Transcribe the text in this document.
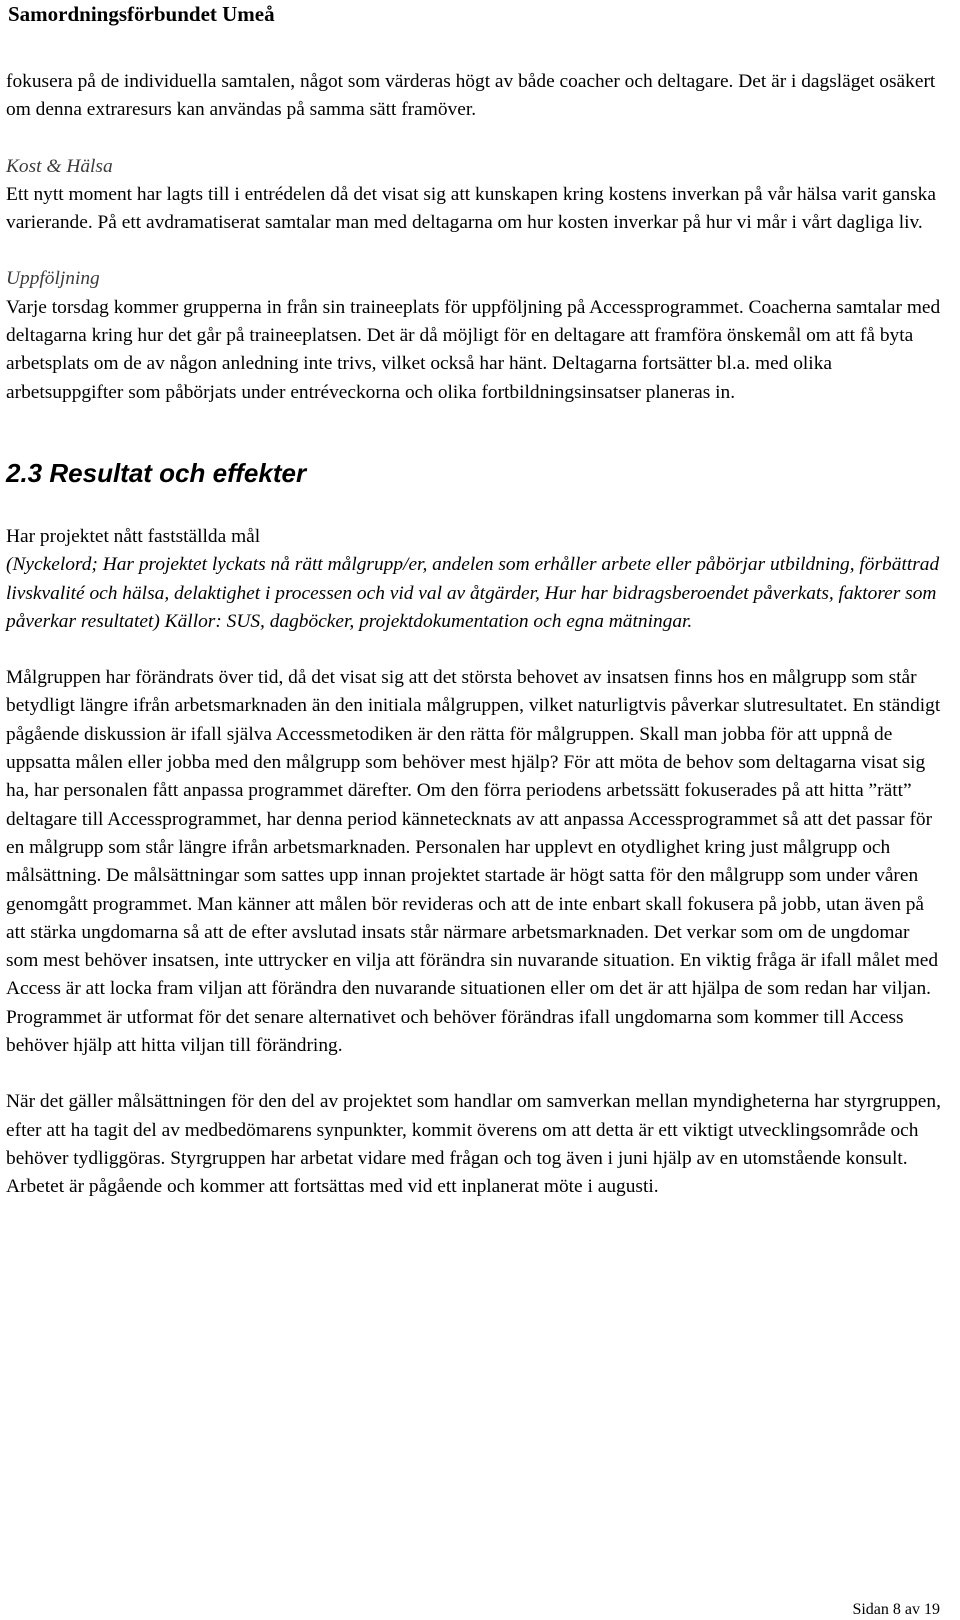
Samordningsförbundet Umeå

fokusera på de individuella samtalen, något som värderas högt av både coacher och deltagare. Det är i dagsläget osäkert om denna extraresurs kan användas på samma sätt framöver.

Kost & Hälsa
Ett nytt moment har lagts till i entrédelen då det visat sig att kunskapen kring kostens inverkan på vår hälsa varit ganska varierande. På ett avdramatiserat samtalar man med deltagarna om hur kosten inverkar på hur vi mår i vårt dagliga liv.

Uppföljning
Varje torsdag kommer grupperna in från sin traineeplats för uppföljning på Accessprogrammet. Coacherna samtalar med deltagarna kring hur det går på traineeplatsen. Det är då möjligt för en deltagare att framföra önskemål om att få byta arbetsplats om de av någon anledning inte trivs, vilket också har hänt. Deltagarna fortsätter bl.a. med olika arbetsuppgifter som påbörjats under entréveckorna och olika fortbildningsinsatser planeras in.

2.3 Resultat och effekter

Har projektet nått fastställda mål

(Nyckelord; Har projektet lyckats nå rätt målgrupp/er, andelen som erhåller arbete eller påbörjar utbildning, förbättrad livskvalité och hälsa, delaktighet i processen och vid val av åtgärder, Hur har bidragsberoendet påverkats, faktorer som påverkar resultatet) Källor: SUS, dagböcker, projektdokumentation och egna mätningar.

Målgruppen har förändrats över tid, då det visat sig att det största behovet av insatsen finns hos en målgrupp som står betydligt längre ifrån arbetsmarknaden än den initiala målgruppen, vilket naturligtvis påverkar slutresultatet. En ständigt pågående diskussion är ifall själva Accessmetodiken är den rätta för målgruppen. Skall man jobba för att uppnå de uppsatta målen eller jobba med den målgrupp som behöver mest hjälp? För att möta de behov som deltagarna visat sig ha, har personalen fått anpassa programmet därefter. Om den förra periodens arbetssätt fokuserades på att hitta ”rätt” deltagare till Accessprogrammet, har denna period kännetecknats av att anpassa Accessprogrammet så att det passar för en målgrupp som står längre ifrån arbetsmarknaden. Personalen har upplevt en otydlighet kring just målgrupp och målsättning. De målsättningar som sattes upp innan projektet startade är högt satta för den målgrupp som under våren genomgått programmet. Man känner att målen bör revideras och att de inte enbart skall fokusera på jobb, utan även på att stärka ungdomarna så att de efter avslutad insats står närmare arbetsmarknaden. Det verkar som om de ungdomar som mest behöver insatsen, inte uttrycker en vilja att förändra sin nuvarande situation. En viktig fråga är ifall målet med Access är att locka fram viljan att förändra den nuvarande situationen eller om det är att hjälpa de som redan har viljan. Programmet är utformat för det senare alternativet och behöver förändras ifall ungdomarna som kommer till Access behöver hjälp att hitta viljan till förändring.

När det gäller målsättningen för den del av projektet som handlar om samverkan mellan myndigheterna har styrgruppen, efter att ha tagit del av medbedömarens synpunkter, kommit överens om att detta är ett viktigt utvecklingsområde och behöver tydliggöras. Styrgruppen har arbetat vidare med frågan och tog även i juni hjälp av en utomstående konsult. Arbetet är pågående och kommer att fortsättas med vid ett inplanerat möte i augusti.

Sidan 8 av 19
